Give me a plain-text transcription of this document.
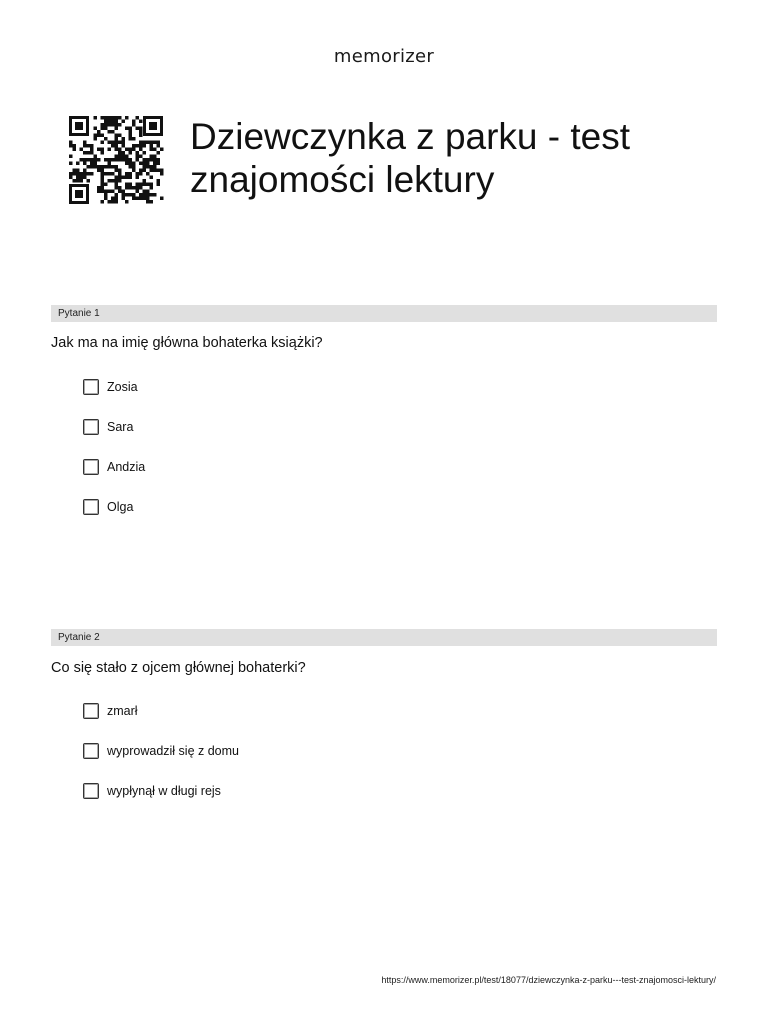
memorizer
Dziewczynka z parku - test znajomości lektury
Pytanie 1
Jak ma na imię główna bohaterka książki?
Zosia
Sara
Andzia
Olga
Pytanie 2
Co się stało z ojcem głównej bohaterki?
zmarł
wyprowadził się z domu
wypłynął w długi rejs
https://www.memorizer.pl/test/18077/dziewczynka-z-parku---test-znajomosci-lektury/
